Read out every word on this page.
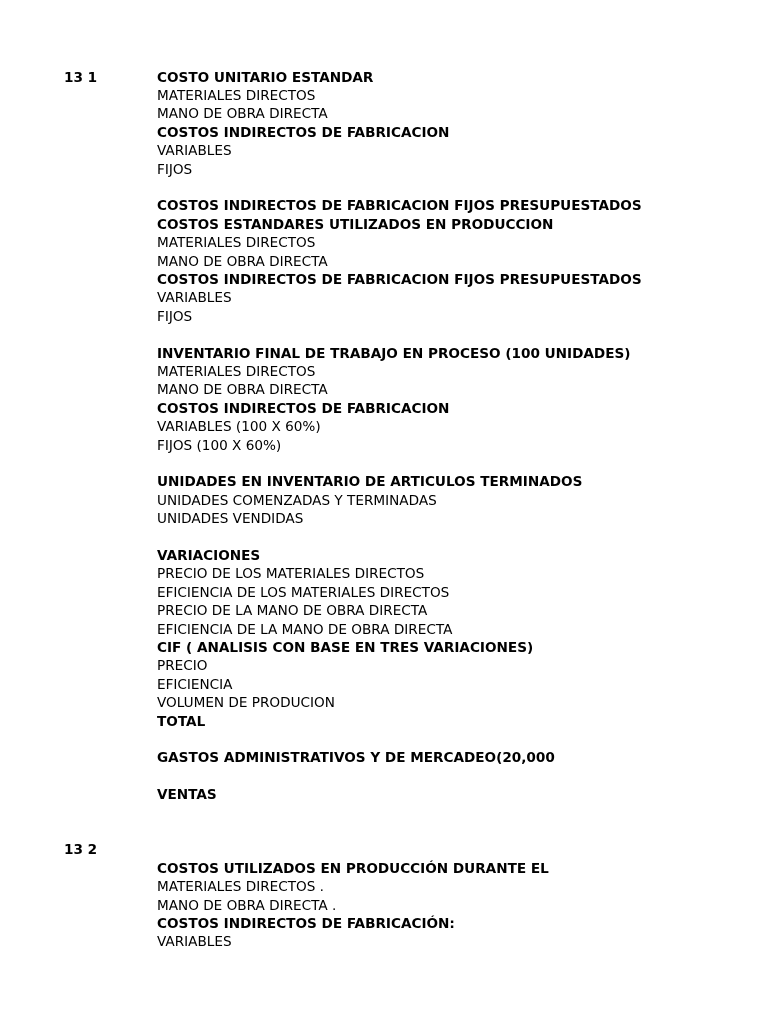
13 1	COSTO UNITARIO ESTANDAR
MATERIALES DIRECTOS
MANO DE OBRA DIRECTA
COSTOS INDIRECTOS DE FABRICACION
VARIABLES
FIJOS
COSTOS INDIRECTOS DE FABRICACION FIJOS PRESUPUESTADOS
COSTOS ESTANDARES UTILIZADOS EN PRODUCCION
MATERIALES DIRECTOS
MANO DE OBRA DIRECTA
COSTOS INDIRECTOS DE FABRICACION FIJOS PRESUPUESTADOS
VARIABLES
FIJOS
INVENTARIO FINAL DE TRABAJO EN PROCESO (100 UNIDADES)
MATERIALES DIRECTOS
MANO DE OBRA DIRECTA
COSTOS INDIRECTOS DE FABRICACION
VARIABLES (100 X 60%)
FIJOS (100 X 60%)
UNIDADES EN INVENTARIO DE ARTICULOS TERMINADOS
UNIDADES COMENZADAS Y TERMINADAS
UNIDADES VENDIDAS
VARIACIONES
PRECIO DE LOS MATERIALES DIRECTOS
EFICIENCIA DE LOS MATERIALES DIRECTOS
PRECIO DE LA MANO DE OBRA DIRECTA
EFICIENCIA DE LA MANO DE OBRA DIRECTA
CIF ( ANALISIS CON BASE EN TRES VARIACIONES)
PRECIO
EFICIENCIA
VOLUMEN DE PRODUCION
TOTAL
GASTOS ADMINISTRATIVOS Y DE MERCADEO(20,000
VENTAS
13 2
COSTOS UTILIZADOS EN PRODUCCIÓN DURANTE EL
MATERIALES DIRECTOS .
MANO DE OBRA DIRECTA .
COSTOS INDIRECTOS DE FABRICACIÓN:
VARIABLES
